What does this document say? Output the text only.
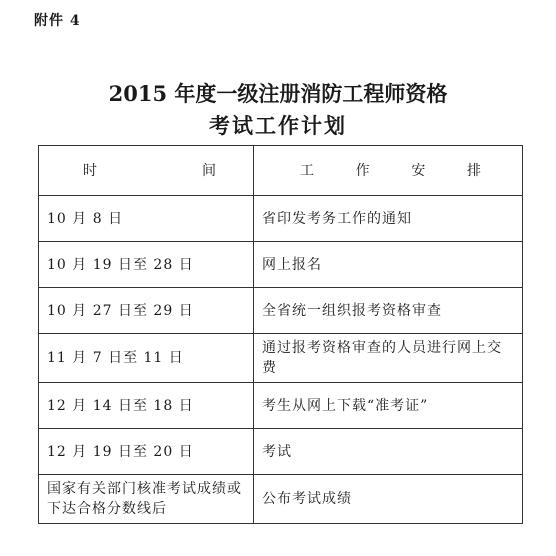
附件 4
2015 年度一级注册消防工程师资格
考试工作计划
时 间	工 作 安 排

10 月 8 日	省印发考务工作的通知
10 月 19 日至 28 日	网上报名
10 月 27 日至 29 日	全省统一组织报考资格审查
11 月 7 日至 11 日	通过报考资格审查的人员进行网上交费
12 月 14 日至 18 日	考生从网上下载“准考证”
12 月 19 日至 20 日	考试
国家有关部门核准考试成绩或下达合格分数线后	公布考试成绩
